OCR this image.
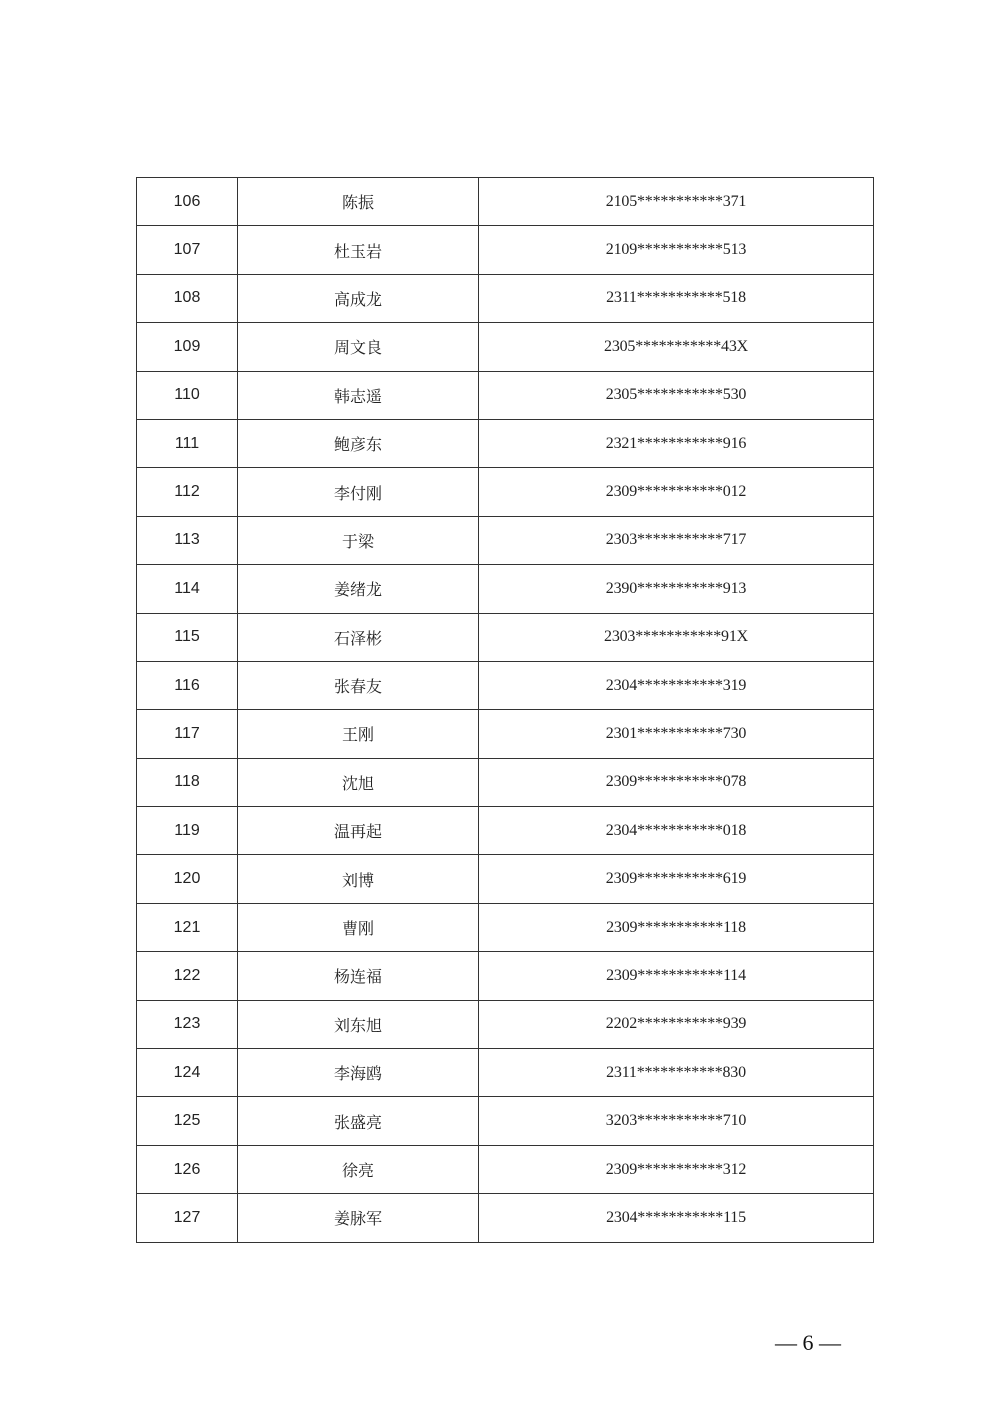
106	陈振	2105***********371
107	杜玉岩	2109***********513
108	高成龙	2311***********518
109	周文良	2305***********43X
110	韩志遥	2305***********530
111	鲍彦东	2321***********916
112	李付刚	2309***********012
113	于梁	2303***********717
114	姜绪龙	2390***********913
115	石泽彬	2303***********91X
116	张春友	2304***********319
117	王刚	2301***********730
118	沈旭	2309***********078
119	温再起	2304***********018
120	刘博	2309***********619
121	曹刚	2309***********118
122	杨连福	2309***********114
123	刘东旭	2202***********939
124	李海鸥	2311***********830
125	张盛亮	3203***********710
126	徐亮	2309***********312
127	姜脉军	2304***********115
— 6 —
